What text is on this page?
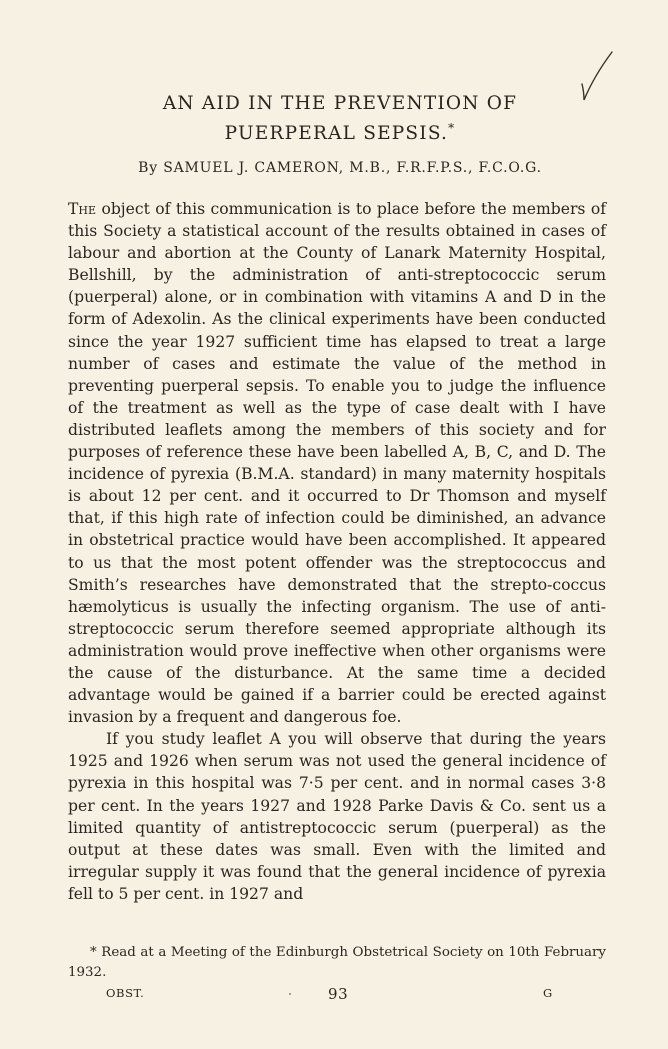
AN AID IN THE PREVENTION OF
PUERPERAL SEPSIS.*
By SAMUEL J. CAMERON, M.B., F.R.F.P.S., F.C.O.G.

The object of this communication is to place before the members of this Society a statistical account of the results obtained in cases of labour and abortion at the County of Lanark Maternity Hospital, Bellshill, by the administration of anti-streptococcic serum (puerperal) alone, or in combination with vitamins A and D in the form of Adexolin. As the clinical experiments have been conducted since the year 1927 sufficient time has elapsed to treat a large number of cases and estimate the value of the method in preventing puerperal sepsis. To enable you to judge the influence of the treatment as well as the type of case dealt with I have distributed leaflets among the members of this society and for purposes of reference these have been labelled A, B, C, and D. The incidence of pyrexia (B.M.A. standard) in many maternity hospitals is about 12 per cent. and it occurred to Dr Thomson and myself that, if this high rate of infection could be diminished, an advance in obstetrical practice would have been accomplished. It appeared to us that the most potent offender was the streptococcus and Smith’s researches have demonstrated that the strepto-coccus hæmolyticus is usually the infecting organism. The use of anti-streptococcic serum therefore seemed appropriate although its administration would prove ineffective when other organisms were the cause of the disturbance. At the same time a decided advantage would be gained if a barrier could be erected against invasion by a frequent and dangerous foe.

If you study leaflet A you will observe that during the years 1925 and 1926 when serum was not used the general incidence of pyrexia in this hospital was 7·5 per cent. and in normal cases 3·8 per cent. In the years 1927 and 1928 Parke Davis & Co. sent us a limited quantity of antistreptococcic serum (puerperal) as the output at these dates was small. Even with the limited and irregular supply it was found that the general incidence of pyrexia fell to 5 per cent. in 1927 and

* Read at a Meeting of the Edinburgh Obstetrical Society on 10th February 1932.
OBST.	93	G
